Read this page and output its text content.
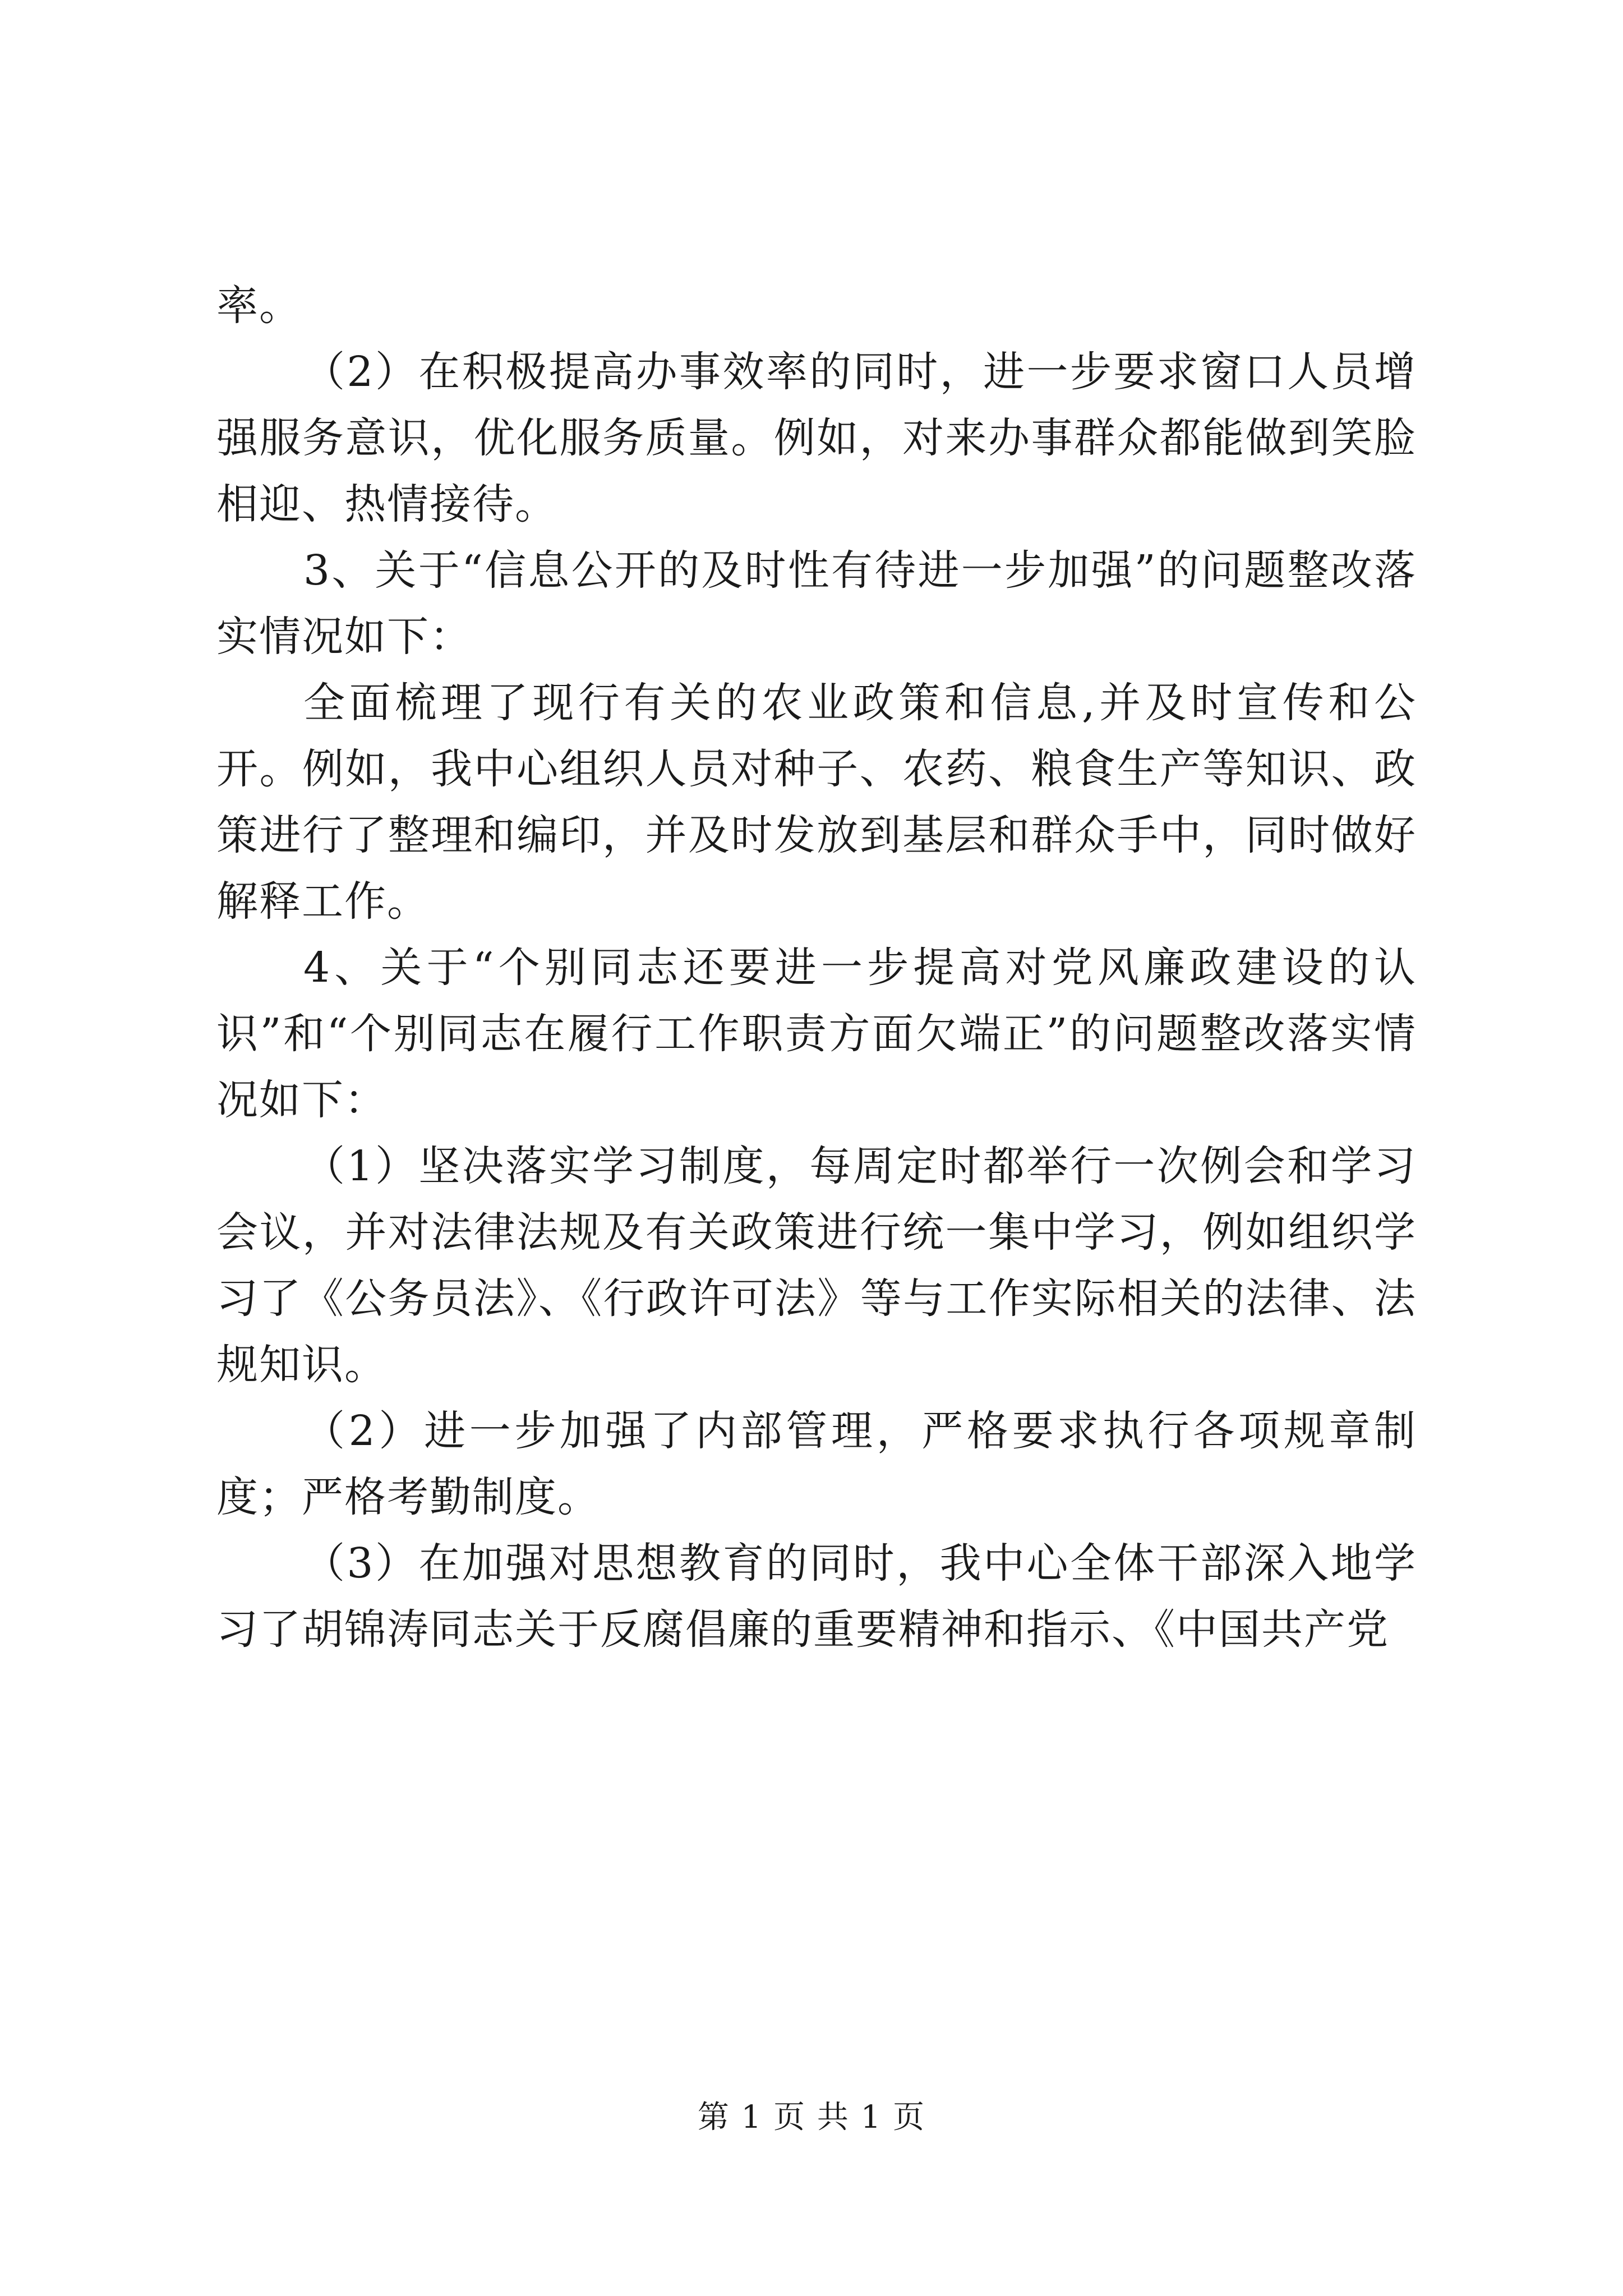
率。

（2）在积极提高办事效率的同时，进一步要求窗口人员增强服务意识，优化服务质量。例如，对来办事群众都能做到笑脸相迎、热情接待。

3、关于“信息公开的及时性有待进一步加强”的问题整改落实情况如下：

全面梳理了现行有关的农业政策和信息,并及时宣传和公开。例如，我中心组织人员对种子、农药、粮食生产等知识、政策进行了整理和编印，并及时发放到基层和群众手中，同时做好解释工作。

4、关于“个别同志还要进一步提高对党风廉政建设的认识”和“个别同志在履行工作职责方面欠端正”的问题整改落实情况如下：

（1）坚决落实学习制度，每周定时都举行一次例会和学习会议，并对法律法规及有关政策进行统一集中学习，例如组织学习了《公务员法》、《行政许可法》等与工作实际相关的法律、法规知识。

（2）进一步加强了内部管理，严格要求执行各项规章制度；严格考勤制度。

（3）在加强对思想教育的同时，我中心全体干部深入地学习了胡锦涛同志关于反腐倡廉的重要精神和指示、《中国共产党

第 1 页 共 1 页
